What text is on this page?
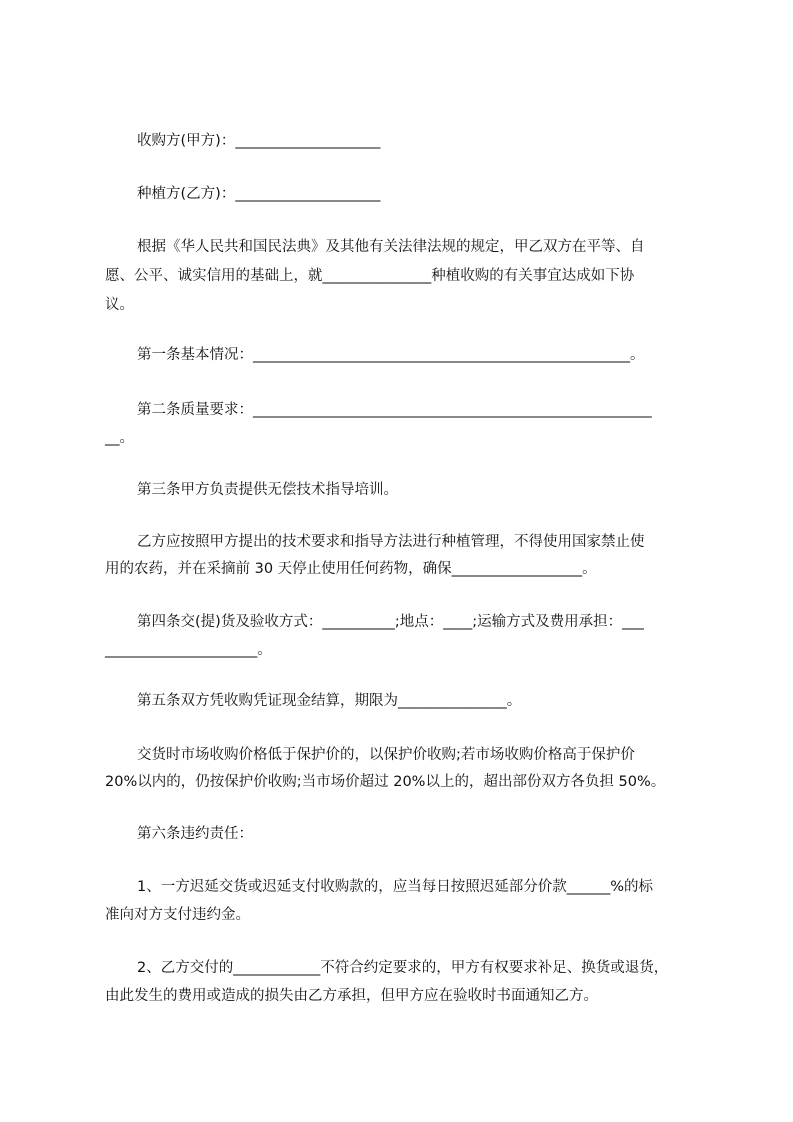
收购方(甲方)：____________________
种植方(乙方)：____________________
根据《华人民共和国民法典》及其他有关法律法规的规定，甲乙双方在平等、自
愿、公平、诚实信用的基础上，就_______________种植收购的有关事宜达成如下协
议。
第一条基本情况：____________________________________________________。
第二条质量要求：_______________________________________________________
__。
第三条甲方负责提供无偿技术指导培训。
乙方应按照甲方提出的技术要求和指导方法进行种植管理，不得使用国家禁止使
用的农药，并在采摘前 30 天停止使用任何药物，确保__________________。
第四条交(提)货及验收方式：__________;地点：____;运输方式及费用承担：___
_____________________。
第五条双方凭收购凭证现金结算，期限为_______________。
交货时市场收购价格低于保护价的，以保护价收购;若市场收购价格高于保护价
20%以内的，仍按保护价收购;当市场价超过 20%以上的，超出部份双方各负担 50%。
第六条违约责任：
1、一方迟延交货或迟延支付收购款的，应当每日按照迟延部分价款______%的标
准向对方支付违约金。
2、乙方交付的____________不符合约定要求的，甲方有权要求补足、换货或退货，
由此发生的费用或造成的损失由乙方承担，但甲方应在验收时书面通知乙方。
